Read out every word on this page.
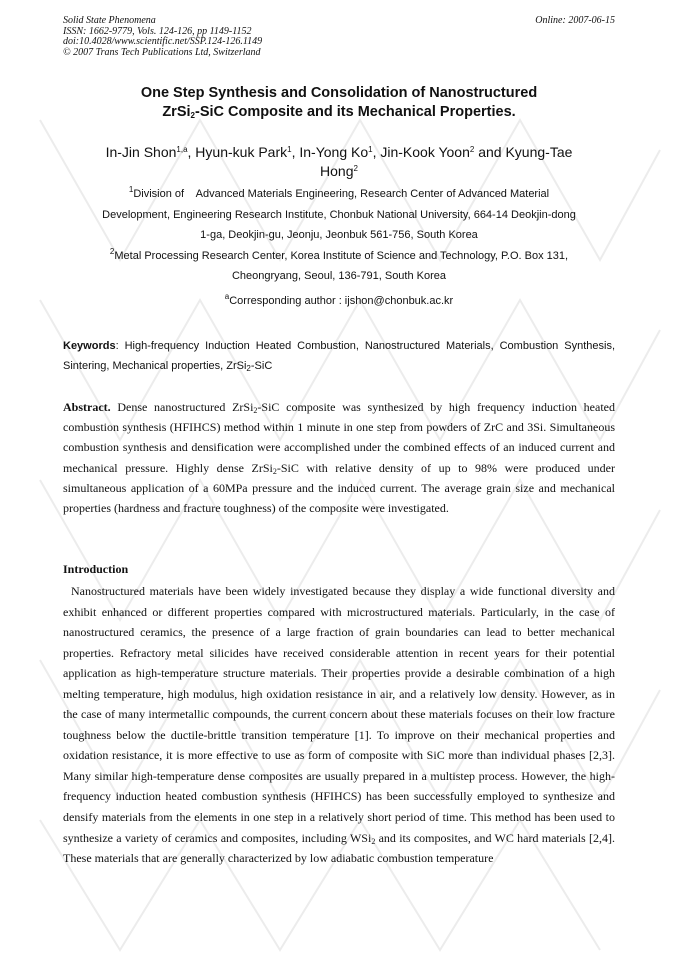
Solid State Phenomena
ISSN: 1662-9779, Vols. 124-126, pp 1149-1152
doi:10.4028/www.scientific.net/SSP.124-126.1149
© 2007 Trans Tech Publications Ltd, Switzerland
Online: 2007-06-15
One Step Synthesis and Consolidation of Nanostructured
ZrSi$_2$-SiC Composite and its Mechanical Properties.
In-Jin Shon$^{1,a}$, Hyun-kuk Park$^1$, In-Yong Ko$^1$, Jin-Kook Yoon$^2$ and Kyung-Tae
Hong$^2$
$^1$Division of    Advanced Materials Engineering, Research Center of Advanced Material
Development, Engineering Research Institute, Chonbuk National University, 664-14 Deokjin-dong
1-ga, Deokjin-gu, Jeonju, Jeonbuk 561-756, South Korea
$^2$Metal Processing Research Center, Korea Institute of Science and Technology, P.O. Box 131,
Cheongryang, Seoul, 136-791, South Korea
$^a$Corresponding author : ijshon@chonbuk.ac.kr
Keywords: High-frequency Induction Heated Combustion, Nanostructured Materials, Combustion Synthesis, Sintering, Mechanical properties, ZrSi$_2$-SiC
Abstract. Dense nanostructured ZrSi$_2$-SiC composite was synthesized by high frequency induction heated combustion synthesis (HFIHCS) method within 1 minute in one step from powders of ZrC and 3Si. Simultaneous combustion synthesis and densification were accomplished under the combined effects of an induced current and mechanical pressure. Highly dense ZrSi$_2$-SiC with relative density of up to 98% were produced under simultaneous application of a 60MPa pressure and the induced current. The average grain size and mechanical properties (hardness and fracture toughness) of the composite were investigated.
Introduction

Nanostructured materials have been widely investigated because they display a wide functional diversity and exhibit enhanced or different properties compared with microstructured materials. Particularly, in the case of nanostructured ceramics, the presence of a large fraction of grain boundaries can lead to better mechanical properties. Refractory metal silicides have received considerable attention in recent years for their potential application as high-temperature structure materials. Their properties provide a desirable combination of a high melting temperature, high modulus, high oxidation resistance in air, and a relatively low density. However, as in the case of many intermetallic compounds, the current concern about these materials focuses on their low fracture toughness below the ductile-brittle transition temperature [1]. To improve on their mechanical properties and oxidation resistance, it is more effective to use as form of composite with SiC more than individual phases [2,3]. Many similar high-temperature dense composites are usually prepared in a multistep process. However, the high-frequency induction heated combustion synthesis (HFIHCS) has been successfully employed to synthesize and densify materials from the elements in one step in a relatively short period of time. This method has been used to synthesize a variety of ceramics and composites, including WSi$_2$ and its composites, and WC hard materials [2,4]. These materials that are generally characterized by low adiabatic combustion temperature
